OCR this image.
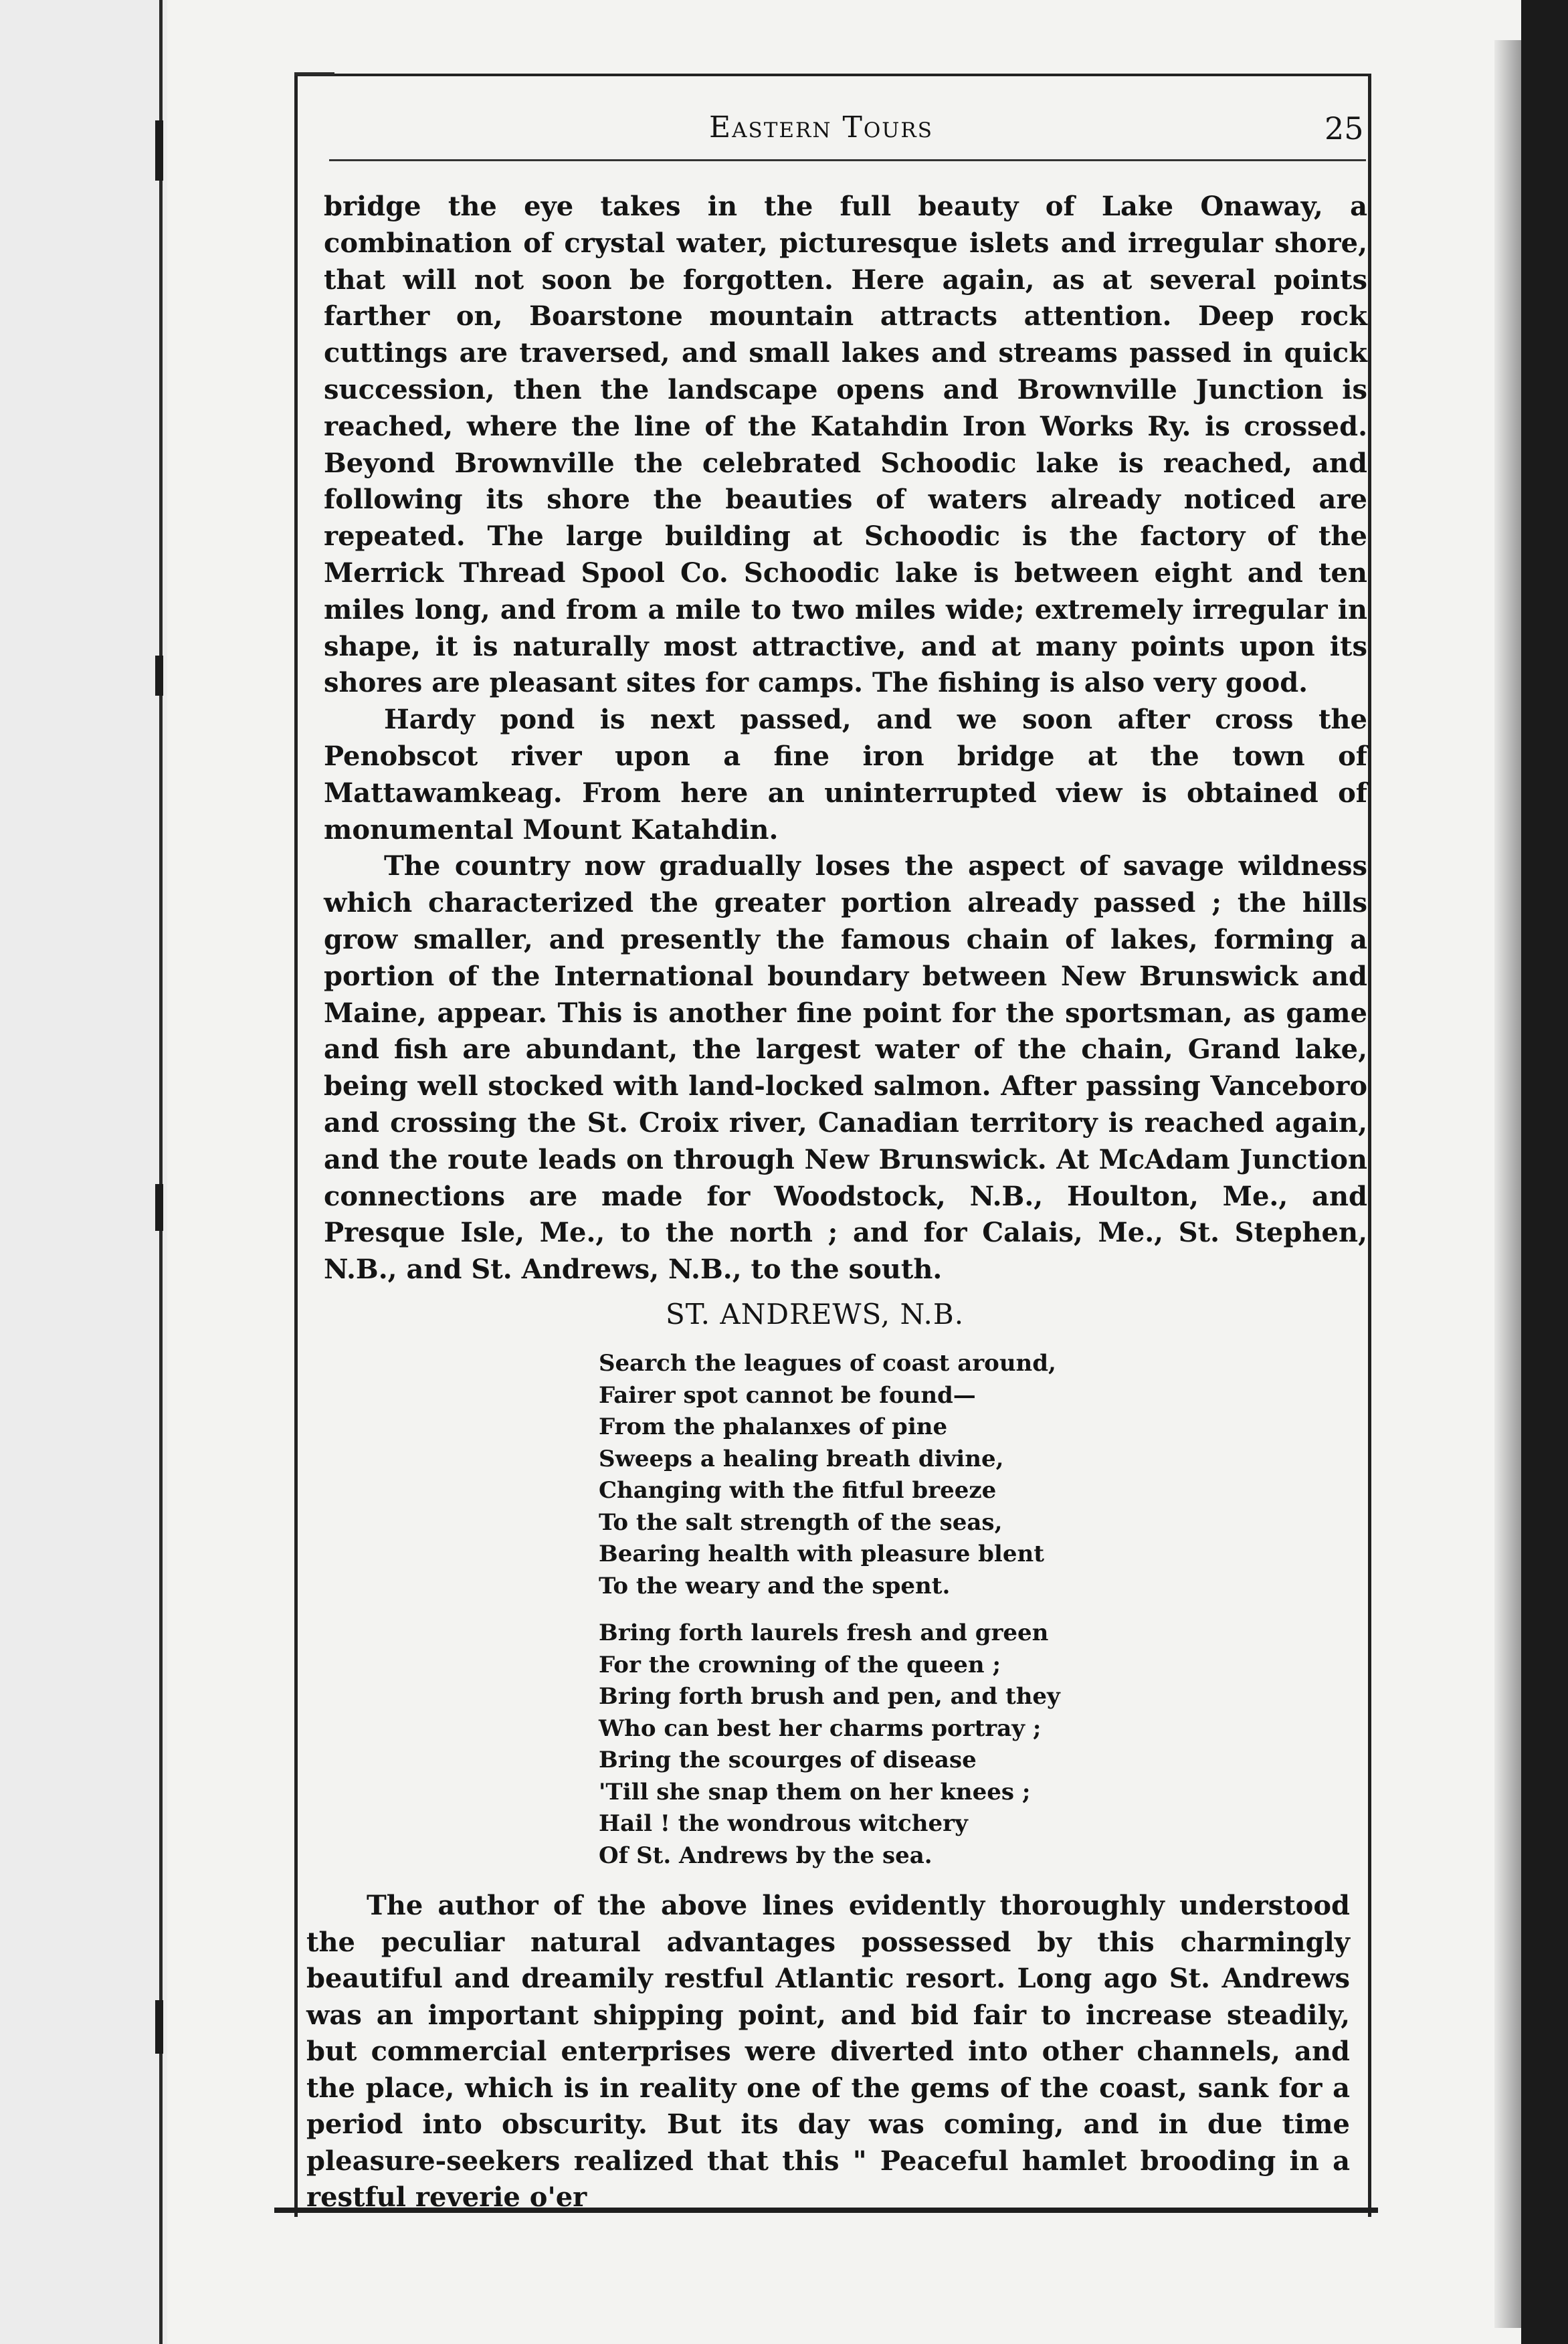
Eastern Tours	25

bridge the eye takes in the full beauty of Lake Onaway, a combination of crystal water, picturesque islets and irregular shore, that will not soon be forgotten. Here again, as at several points farther on, Boarstone mountain attracts attention. Deep rock cuttings are traversed, and small lakes and streams passed in quick succession, then the landscape opens and Brownville Junction is reached, where the line of the Katahdin Iron Works Ry. is crossed. Beyond Brownville the celebrated Schoodic lake is reached, and following its shore the beauties of waters already noticed are repeated. The large building at Schoodic is the factory of the Merrick Thread Spool Co. Schoodic lake is between eight and ten miles long, and from a mile to two miles wide; extremely irregular in shape, it is naturally most attractive, and at many points upon its shores are pleasant sites for camps. The fishing is also very good.

Hardy pond is next passed, and we soon after cross the Penobscot river upon a fine iron bridge at the town of Mattawamkeag. From here an uninterrupted view is obtained of monumental Mount Katahdin.

The country now gradually loses the aspect of savage wildness which characterized the greater portion already passed ; the hills grow smaller, and presently the famous chain of lakes, forming a portion of the International boundary between New Brunswick and Maine, appear. This is another fine point for the sportsman, as game and fish are abundant, the largest water of the chain, Grand lake, being well stocked with land-locked salmon. After passing Vanceboro and crossing the St. Croix river, Canadian territory is reached again, and the route leads on through New Brunswick. At McAdam Junction connections are made for Woodstock, N.B., Houlton, Me., and Presque Isle, Me., to the north ; and for Calais, Me., St. Stephen, N.B., and St. Andrews, N.B., to the south.

ST. ANDREWS, N.B.
Search the leagues of coast around,
Fairer spot cannot be found—
From the phalanxes of pine
Sweeps a healing breath divine,
Changing with the fitful breeze
To the salt strength of the seas,
Bearing health with pleasure blent
To the weary and the spent.
Bring forth laurels fresh and green
For the crowning of the queen ;
Bring forth brush and pen, and they
Who can best her charms portray ;
Bring the scourges of disease
'Till she snap them on her knees ;
Hail ! the wondrous witchery
Of St. Andrews by the sea.

The author of the above lines evidently thoroughly understood the peculiar natural advantages possessed by this charmingly beautiful and dreamily restful Atlantic resort. Long ago St. Andrews was an important shipping point, and bid fair to increase steadily, but commercial enterprises were diverted into other channels, and the place, which is in reality one of the gems of the coast, sank for a period into obscurity. But its day was coming, and in due time pleasure-seekers realized that this " Peaceful hamlet brooding in a restful reverie o'er
